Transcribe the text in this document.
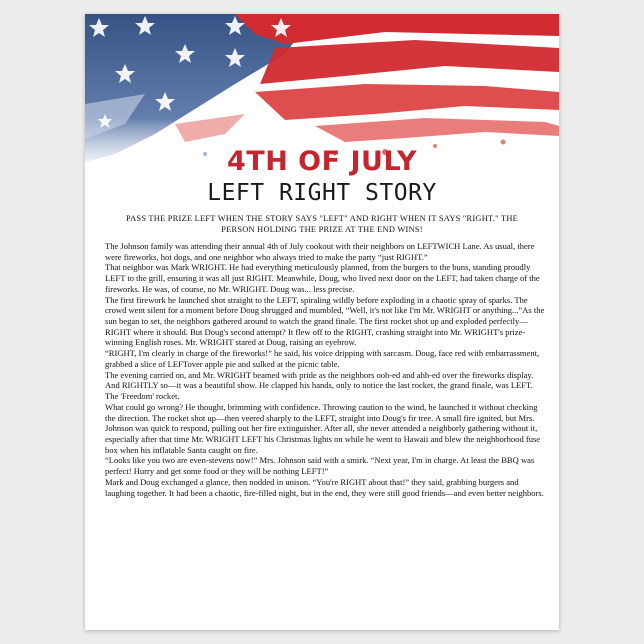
4TH OF JULY
LEFT RIGHT STORY
PASS THE PRIZE LEFT WHEN THE STORY SAYS "LEFT" AND RIGHT WHEN IT SAYS "RIGHT." THE PERSON HOLDING THE PRIZE AT THE END WINS!

The Johnson family was attending their annual 4th of July cookout with their neighbors on LEFTWICH Lane. As usual, there were fireworks, hot dogs, and one neighbor who always tried to make the party “just RIGHT.”

That neighbor was Mark WRIGHT. He had everything meticulously planned, from the burgers to the buns, standing proudly LEFT to the grill, ensuring it was all just RIGHT. Meanwhile, Doug, who lived next door on the LEFT, had taken charge of the fireworks. He was, of course, no Mr. WRIGHT. Doug was... less precise.

The first firework he launched shot straight to the LEFT, spiraling wildly before exploding in a chaotic spray of sparks. The crowd went silent for a moment before Doug shrugged and mumbled, “Well, it's not like I'm Mr. WRIGHT or anything...”As the sun began to set, the neighbors gathered around to watch the grand finale. The first rocket shot up and exploded perfectly—RIGHT where it should. But Doug's second attempt? It flew off to the RIGHT, crashing straight into Mr. WRIGHT's prize-winning English roses. Mr. WRIGHT stared at Doug, raising an eyebrow.

“RIGHT, I'm clearly in charge of the fireworks!” he said, his voice dripping with sarcasm. Doug, face red with embarrassment, grabbed a slice of LEFTover apple pie and sulked at the picnic table.

The evening carried on, and Mr. WRIGHT beamed with pride as the neighbors ooh-ed and ahh-ed over the fireworks display. And RIGHTLY so—it was a beautiful show. He clapped his hands, only to notice the last rocket, the grand finale, was LEFT. The 'Freedom' rocket.

What could go wrong? He thought, brimming with confidence. Throwing caution to the wind, he launched it without checking the direction. The rocket shot up—then veered sharply to the LEFT, straight into Doug's fir tree. A small fire ignited, but Mrs. Johnson was quick to respond, pulling out her fire extinguisher. After all, she never attended a neighborly gathering without it, especially after that time Mr. WRIGHT LEFT his Christmas lights on while he went to Hawaii and blew the neighborhood fuse box when his inflatable Santa caught on fire.

“Looks like you two are even-stevens now!” Mrs. Johnson said with a smirk. “Next year, I'm in charge. At least the BBQ was perfect! Hurry and get some food or they will be nothing LEFT!”

Mark and Doug exchanged a glance, then nodded in unison. “You're RIGHT about that!” they said, grabbing burgers and laughing together. It had been a chaotic, fire-filled night, but in the end, they were still good friends—and even better neighbors.
